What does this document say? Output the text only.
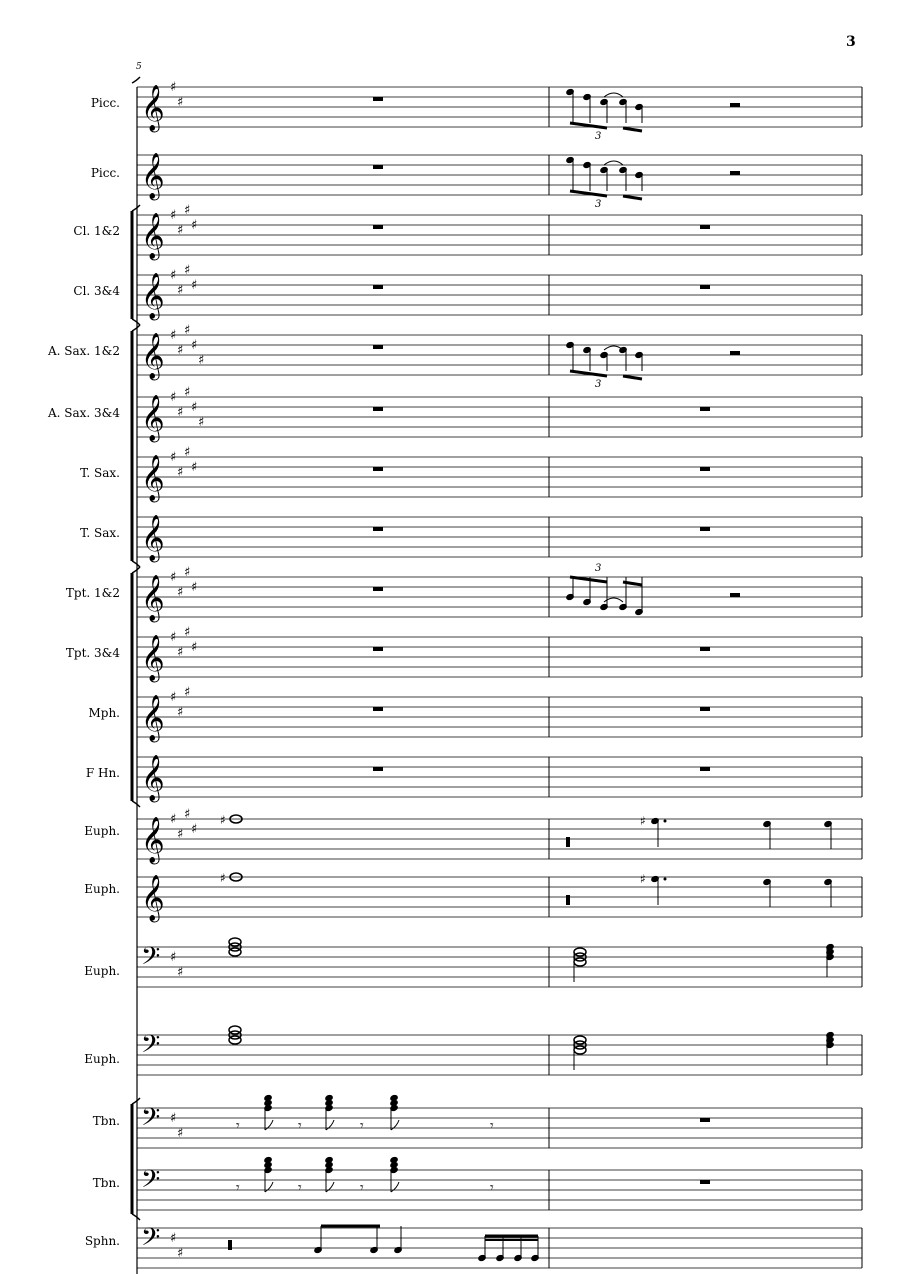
3
5
Picc.
Picc.
Cl. 1&2
Cl. 3&4
A. Sax. 1&2
A. Sax. 3&4
T. Sax.
T. Sax.
Tpt. 1&2
Tpt. 3&4
Mph.
F Hn.
Euph.
Euph.
Euph.
Euph.
Tbn.
Tbn.
Sphn.
𝄞 ♯
♯
𝄞
𝄞 ♯
♯
♯
♯
𝄞 ♯
♯
♯
♯
𝄞 ♯
♯
♯
♯
♯
𝄞 ♯
♯
♯
♯
♯
𝄞 ♯
♯
♯
♯
𝄞
𝄞 ♯
♯
♯
♯
𝄞 ♯
♯
♯
♯
𝄞 ♯
♯
♯
𝄞
𝄞 ♯
♯
♯
♯
𝄞
𝄢 ♯
♯
𝄢
𝄢 ♯
♯
𝄢
𝄢 ♯
♯
3
3
3
3
♯	♯
♯	♯
𝄾	𝄾	𝄾	𝄾
𝄾	𝄾	𝄾	𝄾
